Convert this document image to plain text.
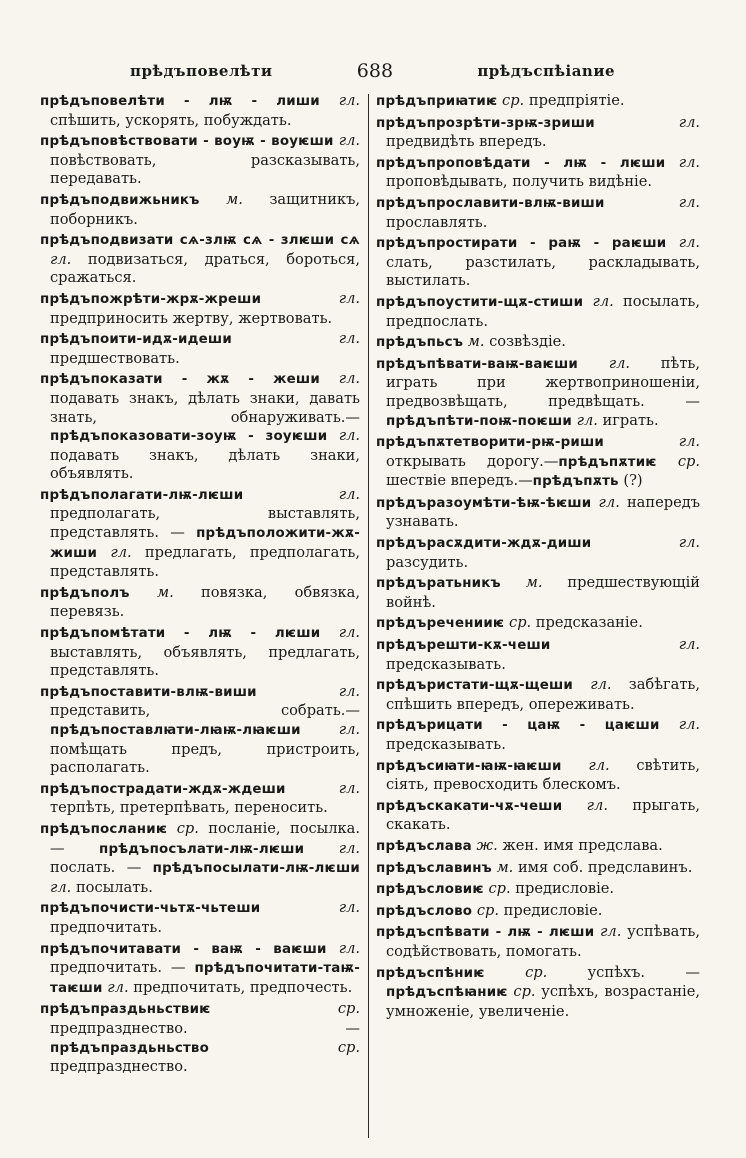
прѣдъповелѣти	688	прѣдъспѣianие

прѣдъповелѣти - лѭ - лиши гл. спѣшить, ускорять, побуждать.

прѣдъповѣствовати - воуѭ - воуѥши гл. повѣствовать, разсказывать, передавать.

прѣдъподвижьникъ м. защитникъ, поборникъ.

прѣдъподвизати сѧ-злѭ сѧ - злѥши сѧ гл. подвизаться, драться, бороться, сражаться.

прѣдъпожрѣти-жрѫ-жреши	гл. предприносить жертву, жертвовать.

прѣдъпоити-идѫ-идеши	гл. предшествовать.

прѣдъпоказати - жѫ - жеши гл. подавать знакъ, дѣлать знаки, давать знать, обнаруживать.—прѣдъпоказовати-зоуѭ - зоуѥши гл. подавать знакъ, дѣлать знаки, объявлять.

прѣдъполагати-лѭ-лѥши	гл. предполагать, выставлять, представлять. — прѣдъположити-жѫ-жиши гл. предлагать, предполагать, представлять.

прѣдъполъ м. повязка, обвязка, перевязь.

прѣдъпомѣтати - лѭ - лѥши гл. выставлять, объявлять, предлагать, представлять.

прѣдъпоставити-влѭ-виши	гл. представить, собрать.—прѣдъпоставлꙗти-лꙗѭ-лꙗѥши	гл. помѣщать предъ, пристроить, располагать.

прѣдъпострадати-ждѫ-ждеши	гл. терпѣть, претерпѣвать, переносить.

прѣдъпосланиѥ ср. посланіе, посылка. — прѣдъпосълати-лѭ-лѥши гл. послать. — прѣдъпосылати-лѭ-лѥши гл. посылать.

прѣдъпочисти-чьтѫ-чьтеши	гл. предпочитать.

прѣдъпочитавати - ваѭ - ваѥши гл. предпочитать. — прѣдъпочитати-таѭ-таѥши гл. предпочитать, предпочесть.

прѣдъпраздьньствиѥ	ср. предпразднество. — прѣдъпраздьньство	ср. предпразднество.

прѣдъприꙗтиѥ ср. предпріятіе.

прѣдъпрозрѣти-зрѭ-зриши	гл. предвидѣть впередъ.

прѣдъпроповѣдати - лѭ - лѥши гл. проповѣдывать, получить видѣніе.

прѣдъпрославити-влѭ-виши	гл. прославлять.

прѣдъпростирати - раѭ - раѥши гл. слать, разстилать, раскладывать, выстилать.

прѣдъпоустити-щѫ-стиши гл. посылать, предпослать.

прѣдъпьсъ м. созвѣздіе.

прѣдъпѣвати-ваѭ-ваѥши гл. пѣть, играть при жертвоприношеніи, предвозвѣщать, предвѣщать. — прѣдъпѣти-поѭ-поѥши гл. играть.

прѣдъпѫтетворити-рѭ-риши	гл. открывать дорогу.—прѣдъпѫтиѥ ср. шествіе впередъ.—прѣдъпѫть (?)

прѣдъразоумѣти-ѣѭ-ѣѥши гл. напередъ узнавать.

прѣдърасѫдити-ждѫ-диши	гл. разсудить.

прѣдъратьникъ м. предшествующій войнѣ.

прѣдъреченииѥ ср. предсказаніе.

прѣдърешти-кѫ-чеши	гл. предсказывать.

прѣдъристати-щѫ-щеши гл. забѣгать, спѣшить впередъ, опереживать.

прѣдърицати - цаѭ - цаѥши гл. предсказывать.

прѣдъсиꙗти-ꙗѭ-ꙗѥши гл. свѣтить, сіять, превосходить блескомъ.

прѣдъскакати-чѫ-чеши гл. прыгать, скакать.

прѣдъслава ж. жен. имя предслава.

прѣдъславинъ м. имя соб. предславинъ.

прѣдъсловиѥ ср. предисловіе.

прѣдъслово ср. предисловіе.

прѣдъспѣвати - лѭ - лѥши гл. успѣвать, содѣйствовать, помогать.

прѣдъспѣниѥ	ср. успѣхъ. — прѣдъспѣꙗниѥ ср. успѣхъ, возрастаніе, умноженіе, увеличеніе.
